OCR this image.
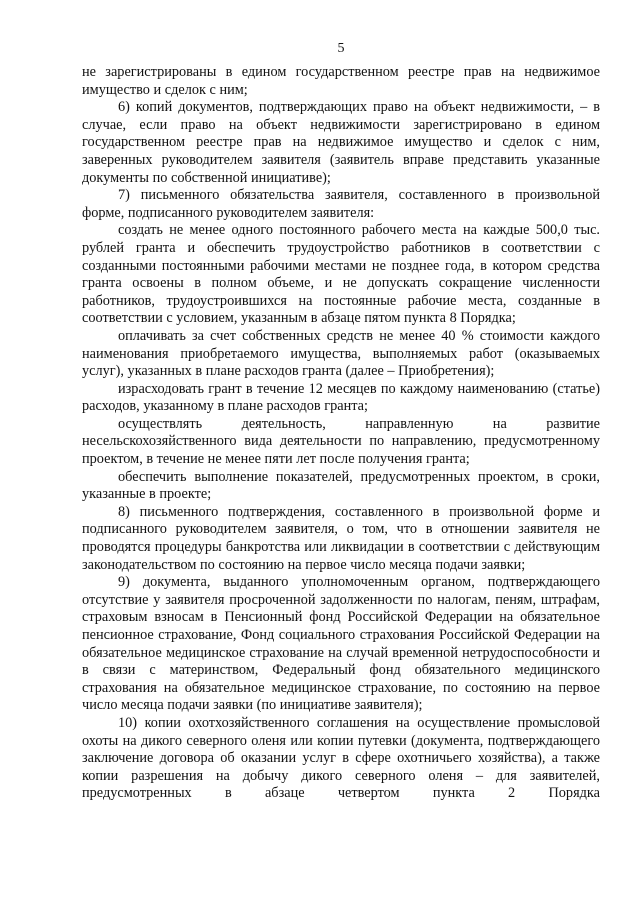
5

не зарегистрированы в едином государственном реестре прав на недвижимое имущество и сделок с ним;

6) копий документов, подтверждающих право на объект недвижимости, – в случае, если право на объект недвижимости зарегистрировано в едином государственном реестре прав на недвижимое имущество и сделок с ним, заверенных руководителем заявителя (заявитель вправе представить указанные документы по собственной инициативе);

7) письменного обязательства заявителя, составленного в произвольной форме, подписанного руководителем заявителя:

создать не менее одного постоянного рабочего места на каждые 500,0 тыс. рублей гранта и обеспечить трудоустройство работников в соответствии с созданными постоянными рабочими местами не позднее года, в котором средства гранта освоены в полном объеме, и не допускать сокращение численности работников, трудоустроившихся на постоянные рабочие места, созданные в соответствии с условием, указанным в абзаце пятом пункта 8 Порядка;

оплачивать за счет собственных средств не менее 40 % стоимости каждого наименования приобретаемого имущества, выполняемых работ (оказываемых услуг), указанных в плане расходов гранта (далее – Приобретения);

израсходовать грант в течение 12 месяцев по каждому наименованию (статье) расходов, указанному в плане расходов гранта;

осуществлять деятельность, направленную на развитие несельскохозяйственного вида деятельности по направлению, предусмотренному проектом, в течение не менее пяти лет после получения гранта;

обеспечить выполнение показателей, предусмотренных проектом, в сроки, указанные в проекте;

8) письменного подтверждения, составленного в произвольной форме и подписанного руководителем заявителя, о том, что в отношении заявителя не проводятся процедуры банкротства или ликвидации в соответствии с действующим законодательством по состоянию на первое число месяца подачи заявки;

9) документа, выданного уполномоченным органом, подтверждающего отсутствие у заявителя просроченной задолженности по налогам, пеням, штрафам, страховым взносам в Пенсионный фонд Российской Федерации на обязательное пенсионное страхование, Фонд социального страхования Российской Федерации на обязательное медицинское страхование на случай временной нетрудоспособности и в связи с материнством, Федеральный фонд обязательного медицинского страхования на обязательное медицинское страхование, по состоянию на первое число месяца подачи заявки (по инициативе заявителя);

10) копии охотхозяйственного соглашения на осуществление промысловой охоты на дикого северного оленя или копии путевки (документа, подтверждающего заключение договора об оказании услуг в сфере охотничьего хозяйства), а также копии разрешения на добычу дикого северного оленя – для заявителей, предусмотренных в абзаце четвертом пункта 2 Порядка
